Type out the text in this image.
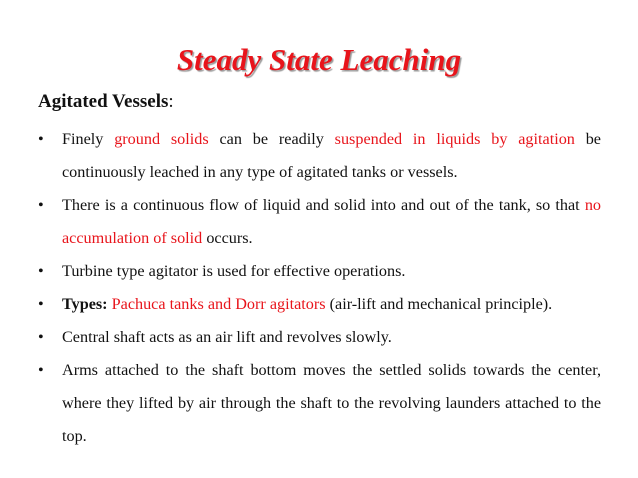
Steady State Leaching
Agitated Vessels:
• Finely ground solids can be readily suspended in liquids by agitation be continuously leached in any type of agitated tanks or vessels.
• There is a continuous flow of liquid and solid into and out of the tank, so that no accumulation of solid occurs.
• Turbine type agitator is used for effective operations.
• Types: Pachuca tanks and Dorr agitators (air-lift and mechanical principle).
• Central shaft acts as an air lift and revolves slowly.
• Arms attached to the shaft bottom moves the settled solids towards the center, where they lifted by air through the shaft to the revolving launders attached to the top.
